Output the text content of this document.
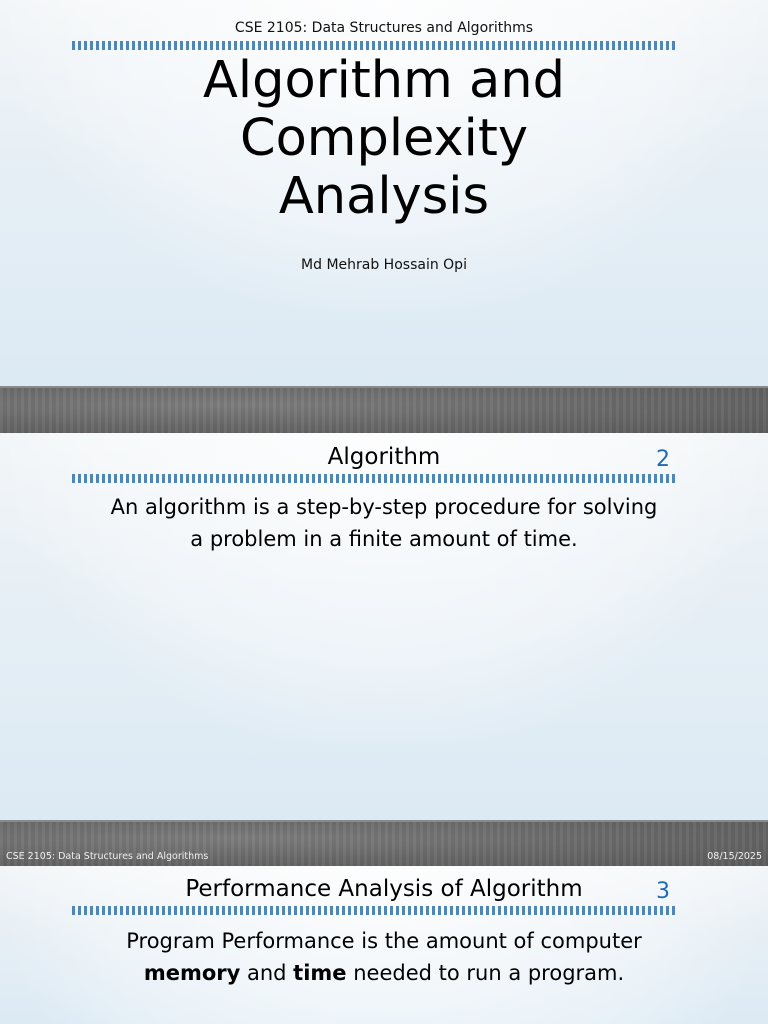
CSE 2105: Data Structures and Algorithms
Algorithm and
Complexity
Analysis
Md Mehrab Hossain Opi
Algorithm	2
An algorithm is a step-by-step procedure for solving
a problem in a finite amount of time.
CSE 2105: Data Structures and Algorithms	08/15/2025
Performance Analysis of Algorithm	3
Program Performance is the amount of computer
memory and time needed to run a program.
